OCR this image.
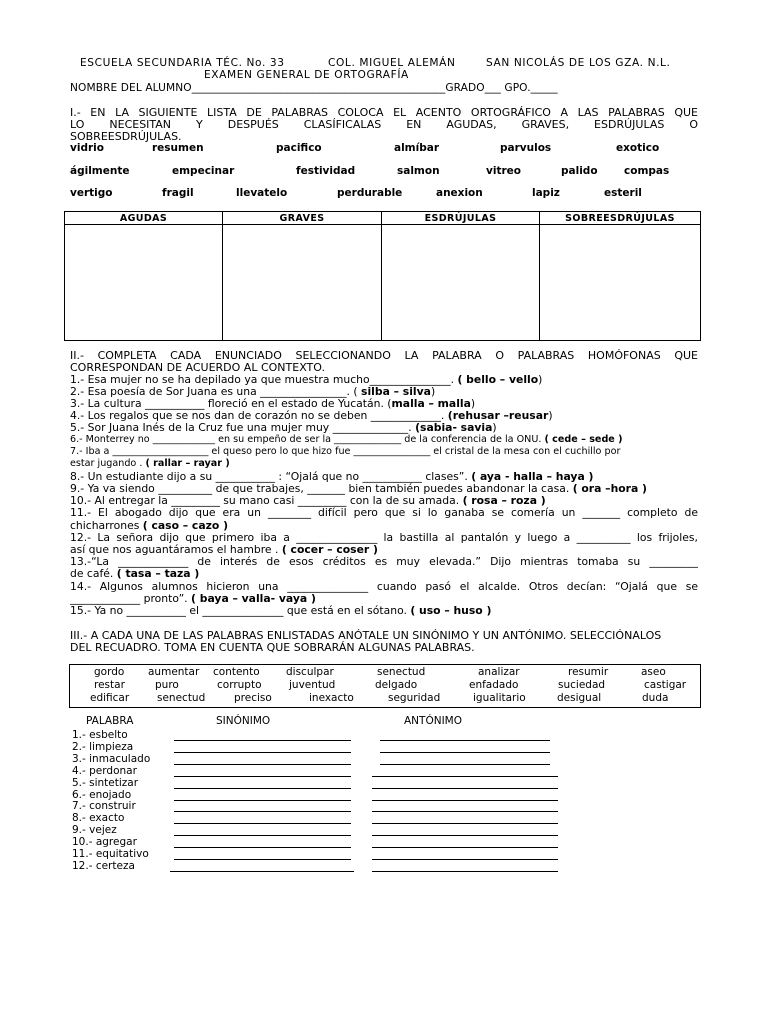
ESCUELA SECUNDARIA TÉC. No. 33	COL. MIGUEL ALEMÁN	SAN NICOLÁS DE LOS GZA. N.L.
EXAMEN GENERAL DE ORTOGRAFÍA
NOMBRE DEL ALUMNO_______________________________________________GRADO___ GPO._____
I.- EN LA SIGUIENTE LISTA DE PALABRAS COLOCA EL ACENTO ORTOGRÁFICO A LAS PALABRAS QUE
LO NECESITAN Y DESPUÉS CLASÍFICALAS EN AGUDAS, GRAVES, ESDRÚJULAS O
SOBREESDRÚJULAS.
vidrio	resumen	pacifico	almíbar	parvulos	exotico
ágilmente	empecinar	festividad	salmon	vitreo	palido	compas
vertigo	fragil	llevatelo	perdurable	anexion	lapiz	esteril
AGUDAS	GRAVES	ESDRÚJULAS	SOBREESDRÚJULAS

II.- COMPLETA CADA ENUNCIADO SELECCIONANDO LA PALABRA O PALABRAS HOMÓFONAS QUE
CORRESPONDAN DE ACUERDO AL CONTEXTO.
1.- Esa mujer no se ha depilado ya que muestra mucho_______________. ( bello – vello)
2.- Esa poesía de Sor Juana es una ________________. ( silba – silva)
3.- La cultura ___________ floreció en el estado de Yucatán. (malla – malla)
4.- Los regalos que se nos dan de corazón no se deben _____________. (rehusar –reusar)
5.- Sor Juana Inés de la Cruz fue una mujer muy ______________. (sabia- savia)
6.- Monterrey no _____________ en su empeño de ser la ______________ de la conferencia de la ONU. ( cede – sede )
7.- Iba a ____________________ el queso pero lo que hizo fue ________________ el cristal de la mesa con el cuchillo por
estar jugando . ( rallar – rayar )
8.- Un estudiante dijo a su ___________ : “Ojalá que no ___________ clases”. ( aya - halla – haya )
9.- Ya va siendo __________ de que trabajes, _______ bien también puedes abandonar la casa. ( ora –hora )
10.- Al entregar la _________ su mano casi _________ con la de su amada. ( rosa – roza )
11.- El abogado dijo que era un ________ difícil pero que si lo ganaba se comería un _______ completo de
chicharrones ( caso – cazo )
12.- La señora dijo que primero iba a _______________ la bastilla al pantalón y luego a __________ los frijoles,
así que nos aguantáramos el hambre . ( cocer – coser )
13.-“La _____________ de interés de esos créditos es muy elevada.” Dijo mientras tomaba su _________
de café. ( tasa – taza )
14.- Algunos alumnos hicieron una _______________ cuando pasó el alcalde. Otros decían: “Ojalá que se
_____________ pronto”. ( baya – valla- vaya )
15.- Ya no ___________ el _______________ que está en el sótano. ( uso – huso )
III.- A CADA UNA DE LAS PALABRAS ENLISTADAS ANÓTALE UN SINÓNIMO Y UN ANTÓNIMO. SELECCIÓNALOS
DEL RECUADRO. TOMA EN CUENTA QUE SOBRARÁN ALGUNAS PALABRAS.
gordo aumentar contento	disculpar	senectud	analizar	resumir	aseo
restar	puro	corrupto	juventud	delgado	enfadado	suciedad	castigar
edificar	senectud	preciso	inexacto	seguridad	igualitario	desigual	duda
PALABRA	SINÓNIMO	ANTÓNIMO
1.- esbelto
2.- limpieza
3.- inmaculado
4.- perdonar
5.- sintetizar
6.- enojado
7.- construir
8.- exacto
9.- vejez
10.- agregar
11.- equitativo
12.- certeza
